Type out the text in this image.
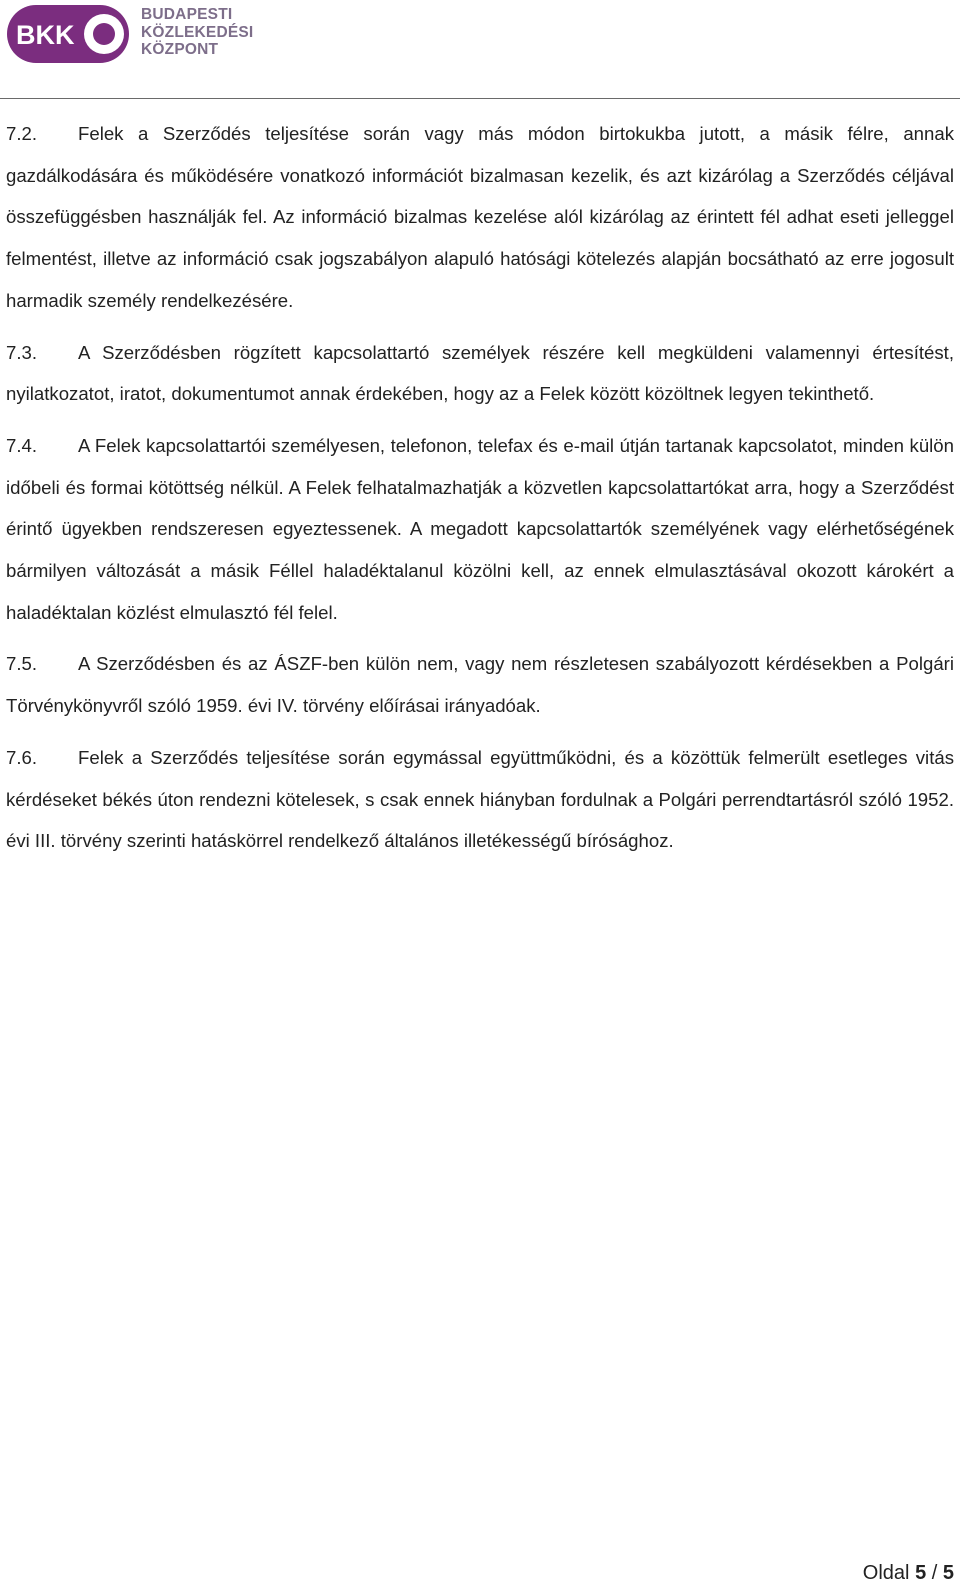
BKK
BUDAPESTI
KÖZLEKEDÉSI
KÖZPONT

7.2. Felek a Szerződés teljesítése során vagy más módon birtokukba jutott, a másik félre, annak gazdálkodására és működésére vonatkozó információt bizalmasan kezelik, és azt kizárólag a Szerződés céljával összefüggésben használják fel. Az információ bizalmas kezelése alól kizárólag az érintett fél adhat eseti jelleggel felmentést, illetve az információ csak jogszabályon alapuló hatósági kötelezés alapján bocsátható az erre jogosult harmadik személy rendelkezésére.

7.3. A Szerződésben rögzített kapcsolattartó személyek részére kell megküldeni valamennyi értesítést, nyilatkozatot, iratot, dokumentumot annak érdekében, hogy az a Felek között közöltnek legyen tekinthető.

7.4. A Felek kapcsolattartói személyesen, telefonon, telefax és e-mail útján tartanak kapcsolatot, minden külön időbeli és formai kötöttség nélkül. A Felek felhatalmazhatják a közvetlen kapcsolattartókat arra, hogy a Szerződést érintő ügyekben rendszeresen egyeztessenek. A megadott kapcsolattartók személyének vagy elérhetőségének bármilyen változását a másik Féllel haladéktalanul közölni kell, az ennek elmulasztásával okozott károkért a haladéktalan közlést elmulasztó fél felel.

7.5. A Szerződésben és az ÁSZF-ben külön nem, vagy nem részletesen szabályozott kérdésekben a Polgári Törvénykönyvről szóló 1959. évi IV. törvény előírásai irányadóak.

7.6. Felek a Szerződés teljesítése során egymással együttműködni, és a közöttük felmerült esetleges vitás kérdéseket békés úton rendezni kötelesek, s csak ennek hiányban fordulnak a Polgári perrendtartásról szóló 1952. évi III. törvény szerinti hatáskörrel rendelkező általános illetékességű bírósághoz.

Oldal 5 / 5
